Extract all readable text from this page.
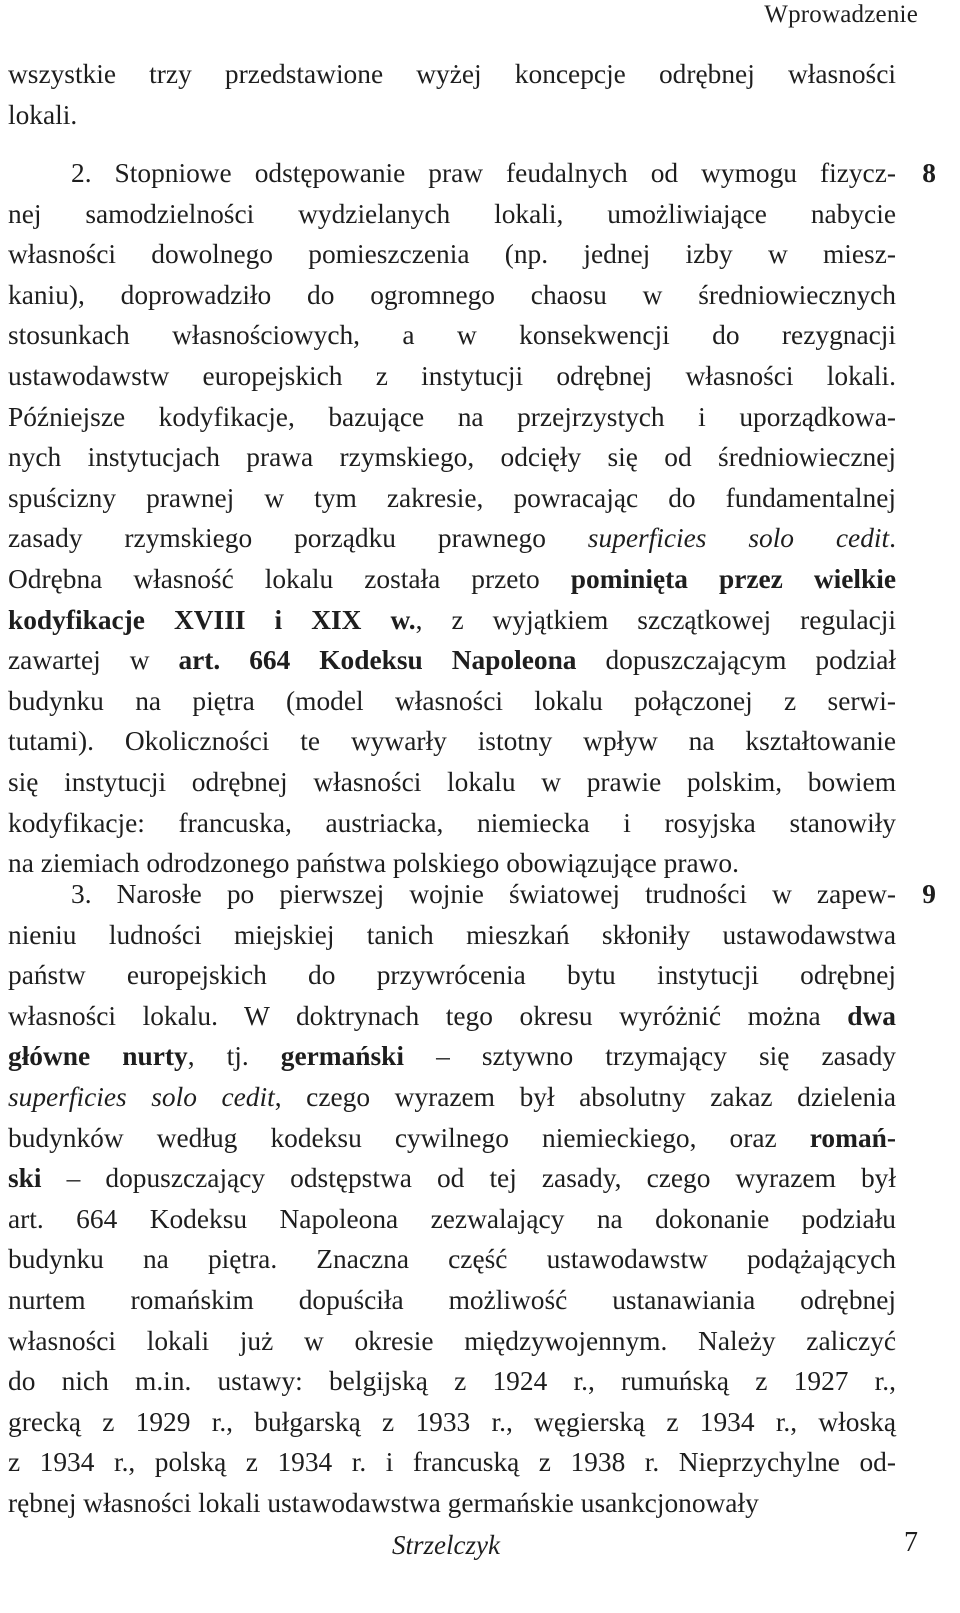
Wprowadzenie
wszystkie trzy przedstawione wyżej koncepcje odrębnej własności
lokali.
8
2. Stopniowe odstępowanie praw feudalnych od wymogu fizycz-
nej samodzielności wydzielanych lokali, umożliwiające nabycie
własności dowolnego pomieszczenia (np. jednej izby w miesz-
kaniu), doprowadziło do ogromnego chaosu w średniowiecznych
stosunkach własnościowych, a w konsekwencji do rezygnacji
ustawodawstw europejskich z instytucji odrębnej własności lokali.
Późniejsze kodyfikacje, bazujące na przejrzystych i uporządkowa-
nych instytucjach prawa rzymskiego, odcięły się od średniowiecznej
spuścizny prawnej w tym zakresie, powracając do fundamentalnej
zasady rzymskiego porządku prawnego superficies solo cedit.
Odrębna własność lokalu została przeto pominięta przez wielkie
kodyfikacje XVIII i XIX w., z wyjątkiem szczątkowej regulacji
zawartej w art. 664 Kodeksu Napoleona dopuszczającym podział
budynku na piętra (model własności lokalu połączonej z serwi-
tutami). Okoliczności te wywarły istotny wpływ na kształtowanie
się instytucji odrębnej własności lokalu w prawie polskim, bowiem
kodyfikacje: francuska, austriacka, niemiecka i rosyjska stanowiły
na ziemiach odrodzonego państwa polskiego obowiązujące prawo.
9
3. Narosłe po pierwszej wojnie światowej trudności w zapew-
nieniu ludności miejskiej tanich mieszkań skłoniły ustawodawstwa
państw europejskich do przywrócenia bytu instytucji odrębnej
własności lokalu. W doktrynach tego okresu wyróżnić można dwa
główne nurty, tj. germański – sztywno trzymający się zasady
superficies solo cedit, czego wyrazem był absolutny zakaz dzielenia
budynków według kodeksu cywilnego niemieckiego, oraz romań-
ski – dopuszczający odstępstwa od tej zasady, czego wyrazem był
art. 664 Kodeksu Napoleona zezwalający na dokonanie podziału
budynku na piętra. Znaczna część ustawodawstw podążających
nurtem romańskim dopuściła możliwość ustanawiania odrębnej
własności lokali już w okresie międzywojennym. Należy zaliczyć
do nich m.in. ustawy: belgijską z 1924 r., rumuńską z 1927 r.,
grecką z 1929 r., bułgarską z 1933 r., węgierską z 1934 r., włoską
z 1934 r., polską z 1934 r. i francuską z 1938 r. Nieprzychylne od-
rębnej własności lokali ustawodawstwa germańskie usankcjonowały
Strzelczyk	7
